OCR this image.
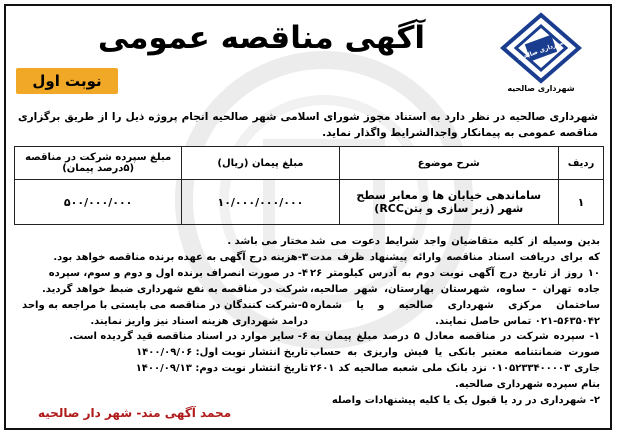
شهرداری صالحیه
شهرداری صالحیه
آگهی مناقصه عمومی
نوبت اول
شهرداری صالحیه در نظر دارد به استناد مجوز شورای اسلامی شهر صالحیه انجام پروژه ذیل را از طریق برگزاری مناقصه عمومی به پیمانکار واجدالشرایط واگذار نماید.
ردیف	شرح موضوع	مبلغ پیمان (ریال)	مبلغ سپرده شرکت در مناقصه (۵درصد پیمان)
۱	ساماندهی خیابان ها و معابر سطح شهر (زیر سازی و بتنRCC)	۱۰/۰۰۰/۰۰۰/۰۰۰	۵۰۰/۰۰۰/۰۰۰

بدین وسیله از کلیه متقاضیان واجد شرایط دعوت می شد که برای دریافت اسناد مناقصه وارائه پیشنهاد ظرف مدت ۱۰ روز از تاریخ درج آگهی نوبت دوم به آدرس کیلومتر ۲۶ جاده تهران - ساوه، شهرستان بهارستان، شهر صالحیه، ساختمان مرکزی شهرداری صالحیه و یا شماره ۵۶۳۵۰۴۲-۰۲۱ تماس حاصل نمایند.

۱- سپرده شرکت در مناقصه معادل ۵ درصد مبلغ پیمان به صورت ضمانتنامه معتبر بانکی یا فیش واریزی به حساب جاری ۰۱۰۵۲۳۳۴۰۰۰۰۳ نزد بانک ملی شعبه صالحیه کد ۲۶۰۱ بنام سپرده شهرداری صالحیه.

۲- شهرداری در رد یا قبول یک یا کلیه پیشنهادات واصله

مختار می باشد .

۳-هزینه درج آگهی به عهده برنده مناقصه خواهد بود.

۴- در صورت انصراف برنده اول و دوم و سوم، سپرده شرکت در مناقصه به نفع شهرداری ضبط خواهد گردید.

۵-شرکت کنندگان در مناقصه می بایستی با مراجعه به واحد درامد شهرداری هزینه اسناد نیز واریز نمایند.

۶- سایر موارد در اسناد مناقصه قید گردیده است.

تاریخ انتشار نوبت اول: ۱۴۰۰/۰۹/۰۶

تاریخ انتشار نوبت دوم: ۱۴۰۰/۰۹/۱۳

محمد آگهی مند- شهر دار صالحیه
